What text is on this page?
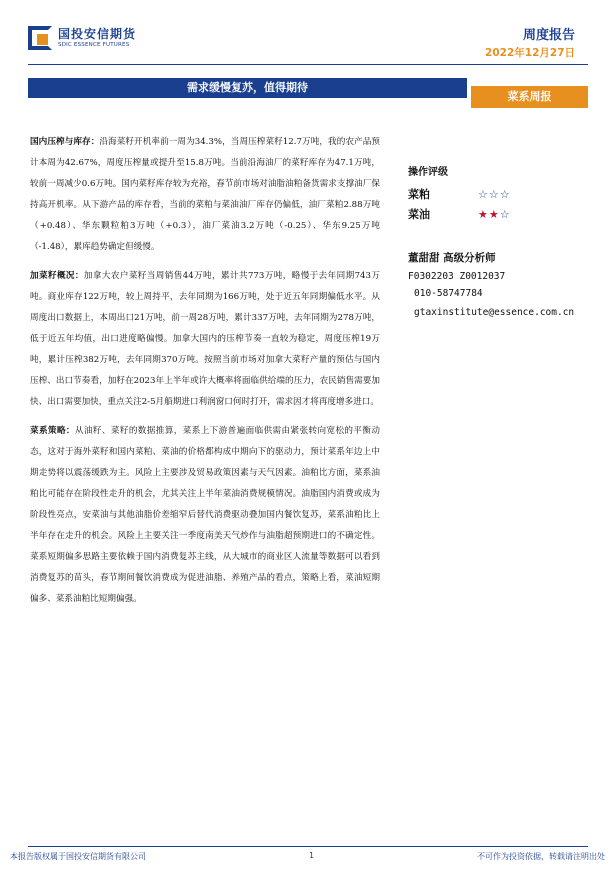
国投安信期货
SDIC ESSENCE FUTURES
周度报告
2022年12月27日
需求缓慢复苏，值得期待
菜系周报

国内压榨与库存：沿海菜籽开机率前一周为34.3%，当周压榨菜籽12.7万吨，我的农产品预计本周为42.67%，周度压榨量或提升至15.8万吨。当前沿海油厂的菜籽库存为47.1万吨，较前一周减少0.6万吨。国内菜籽库存较为充裕，春节前市场对油脂油粕备货需求支撑油厂保持高开机率。从下游产品的库存看，当前的菜粕与菜油油厂库存仍偏低，油厂菜粕2.88万吨（+0.48）、华东颗粒粕3万吨（+0.3），油厂菜油3.2万吨（-0.25）、华东9.25万吨（-1.48），累库趋势确定但缓慢。

加菜籽概况：加拿大农户菜籽当周销售44万吨，累计共773万吨，略慢于去年同期743万吨。商业库存122万吨，较上周持平，去年同期为166万吨，处于近五年同期偏低水平。从周度出口数据上，本周出口21万吨，前一周28万吨，累计337万吨，去年同期为278万吨，低于近五年均值，出口进度略偏慢。加拿大国内的压榨节奏一直较为稳定，周度压榨19万吨，累计压榨382万吨，去年同期370万吨。按照当前市场对加拿大菜籽产量的预估与国内压榨、出口节奏看，加籽在2023年上半年或许大概率将面临供给端的压力，农民销售需要加快、出口需要加快，重点关注2-5月船期进口利润窗口何时打开，需求因才将再度增多进口。

菜系策略：从油籽、菜籽的数据推算，菜系上下游普遍面临供需由紧张转向宽松的平衡动态，这对于海外菜籽和国内菜粕、菜油的价格都构成中期向下的驱动力，预计菜系年边上中期走势将以震荡缓跌为主。风险上主要涉及贸易政策因素与天气因素。油粕比方面，菜系油粕比可能存在阶段性走升的机会，尤其关注上半年菜油消费规模情况。油脂国内消费或成为阶段性亮点，安菜油与其他油脂价差缩窄后替代消费驱动叠加国内餐饮复苏，菜系油粕比上半年存在走升的机会。风险上主要关注一季度南美天气炒作与油脂超预期进口的不确定性。菜系短期偏多思路主要依赖于国内消费复苏主线，从大城市的商业区人流量等数据可以看到消费复苏的苗头，春节期间餐饮消费成为促进油脂、养殖产品的看点，策略上看，菜油短期偏多、菜系油粕比短期偏强。

操作评级
菜粕	☆☆☆
菜油	★★☆
董甜甜 高级分析师
F0302203 Z0012037
010-58747784
gtaxinstitute@essence.com.cn
本报告版权属于国投安信期货有限公司	1	不可作为投资依据，转载请注明出处
